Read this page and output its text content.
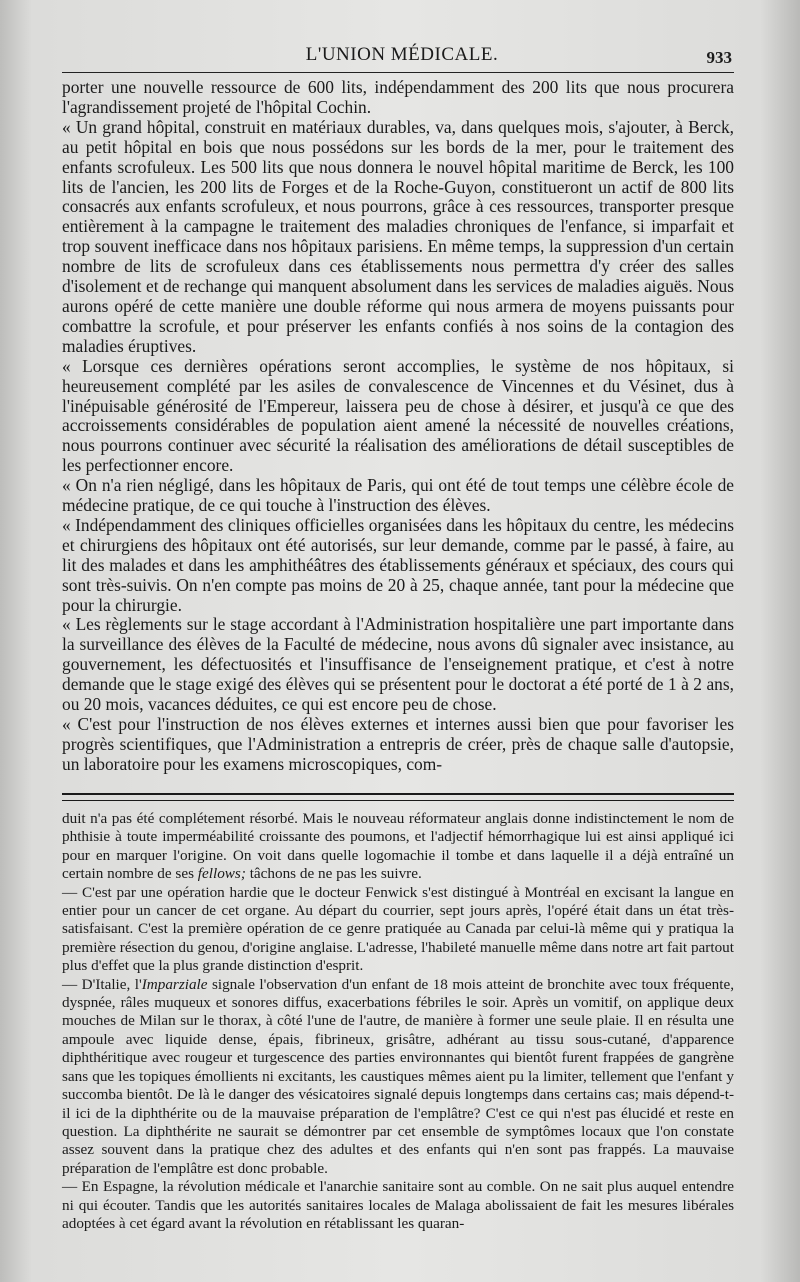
L'UNION MÉDICALE.	933

porter une nouvelle ressource de 600 lits, indépendamment des 200 lits que nous procurera l'agrandissement projeté de l'hôpital Cochin.

« Un grand hôpital, construit en matériaux durables, va, dans quelques mois, s'ajouter, à Berck, au petit hôpital en bois que nous possédons sur les bords de la mer, pour le traitement des enfants scrofuleux. Les 500 lits que nous donnera le nouvel hôpital maritime de Berck, les 100 lits de l'ancien, les 200 lits de Forges et de la Roche-Guyon, constitueront un actif de 800 lits consacrés aux enfants scrofuleux, et nous pourrons, grâce à ces ressources, transporter presque entièrement à la campagne le traitement des maladies chroniques de l'enfance, si imparfait et trop souvent inefficace dans nos hôpitaux parisiens. En même temps, la suppression d'un certain nombre de lits de scrofuleux dans ces établissements nous permettra d'y créer des salles d'isolement et de rechange qui manquent absolument dans les services de maladies aiguës. Nous aurons opéré de cette manière une double réforme qui nous armera de moyens puissants pour combattre la scrofule, et pour préserver les enfants confiés à nos soins de la contagion des maladies éruptives.

« Lorsque ces dernières opérations seront accomplies, le système de nos hôpitaux, si heureusement complété par les asiles de convalescence de Vincennes et du Vésinet, dus à l'inépuisable générosité de l'Empereur, laissera peu de chose à désirer, et jusqu'à ce que des accroissements considérables de population aient amené la nécessité de nouvelles créations, nous pourrons continuer avec sécurité la réalisation des améliorations de détail susceptibles de les perfectionner encore.

« On n'a rien négligé, dans les hôpitaux de Paris, qui ont été de tout temps une célèbre école de médecine pratique, de ce qui touche à l'instruction des élèves.

« Indépendamment des cliniques officielles organisées dans les hôpitaux du centre, les médecins et chirurgiens des hôpitaux ont été autorisés, sur leur demande, comme par le passé, à faire, au lit des malades et dans les amphithéâtres des établissements généraux et spéciaux, des cours qui sont très-suivis. On n'en compte pas moins de 20 à 25, chaque année, tant pour la médecine que pour la chirurgie.

« Les règlements sur le stage accordant à l'Administration hospitalière une part importante dans la surveillance des élèves de la Faculté de médecine, nous avons dû signaler avec insistance, au gouvernement, les défectuosités et l'insuffisance de l'enseignement pratique, et c'est à notre demande que le stage exigé des élèves qui se présentent pour le doctorat a été porté de 1 à 2 ans, ou 20 mois, vacances déduites, ce qui est encore peu de chose.

« C'est pour l'instruction de nos élèves externes et internes aussi bien que pour favoriser les progrès scientifiques, que l'Administration a entrepris de créer, près de chaque salle d'autopsie, un laboratoire pour les examens microscopiques, com-

duit n'a pas été complétement résorbé. Mais le nouveau réformateur anglais donne indistinctement le nom de phthisie à toute imperméabilité croissante des poumons, et l'adjectif hémorrhagique lui est ainsi appliqué ici pour en marquer l'origine. On voit dans quelle logomachie il tombe et dans laquelle il a déjà entraîné un certain nombre de ses fellows; tâchons de ne pas les suivre.

— C'est par une opération hardie que le docteur Fenwick s'est distingué à Montréal en excisant la langue en entier pour un cancer de cet organe. Au départ du courrier, sept jours après, l'opéré était dans un état très-satisfaisant. C'est la première opération de ce genre pratiquée au Canada par celui-là même qui y pratiqua la première résection du genou, d'origine anglaise. L'adresse, l'habileté manuelle même dans notre art fait partout plus d'effet que la plus grande distinction d'esprit.

— D'Italie, l'Imparziale signale l'observation d'un enfant de 18 mois atteint de bronchite avec toux fréquente, dyspnée, râles muqueux et sonores diffus, exacerbations fébriles le soir. Après un vomitif, on applique deux mouches de Milan sur le thorax, à côté l'une de l'autre, de manière à former une seule plaie. Il en résulta une ampoule avec liquide dense, épais, fibrineux, grisâtre, adhérant au tissu sous-cutané, d'apparence diphthéritique avec rougeur et turgescence des parties environnantes qui bientôt furent frappées de gangrène sans que les topiques émollients ni excitants, les caustiques mêmes aient pu la limiter, tellement que l'enfant y succomba bientôt. De là le danger des vésicatoires signalé depuis longtemps dans certains cas; mais dépend-t-il ici de la diphthérite ou de la mauvaise préparation de l'emplâtre? C'est ce qui n'est pas élucidé et reste en question. La diphthérite ne saurait se démontrer par cet ensemble de symptômes locaux que l'on constate assez souvent dans la pratique chez des adultes et des enfants qui n'en sont pas frappés. La mauvaise préparation de l'emplâtre est donc probable.

— En Espagne, la révolution médicale et l'anarchie sanitaire sont au comble. On ne sait plus auquel entendre ni qui écouter. Tandis que les autorités sanitaires locales de Malaga abolissaient de fait les mesures libérales adoptées à cet égard avant la révolution en rétablissant les quaran-
